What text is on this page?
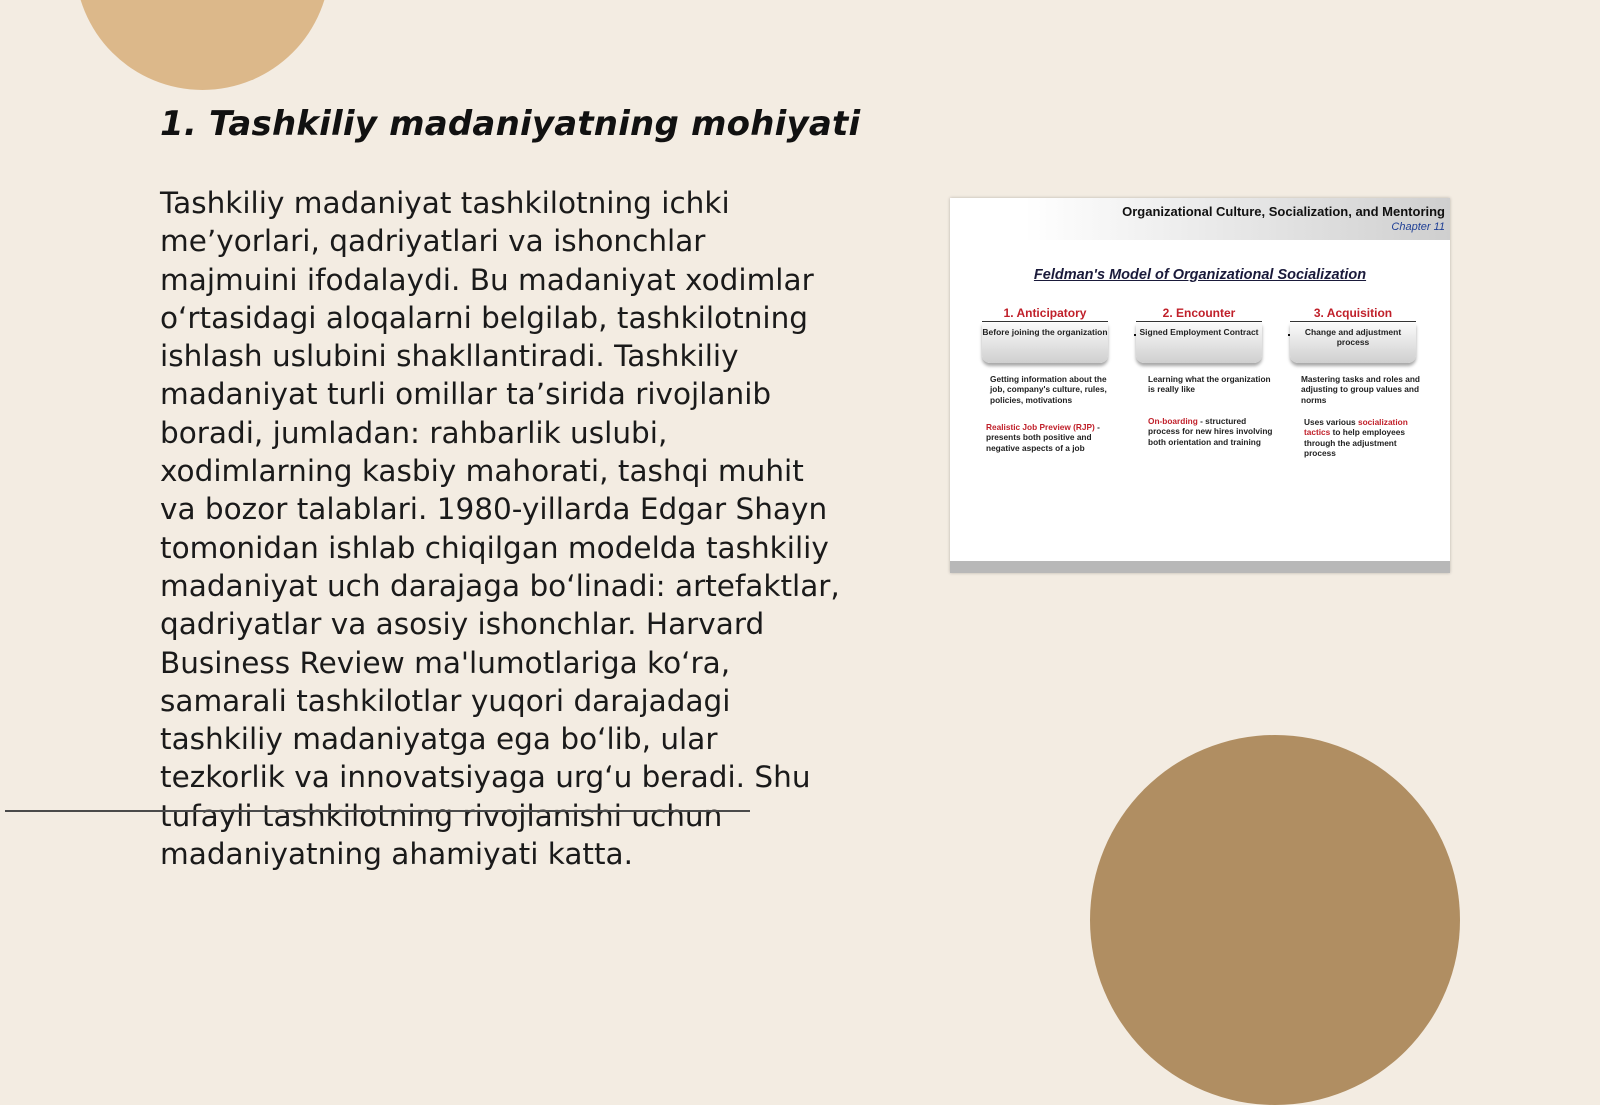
1. Tashkiliy madaniyatning mohiyati

Tashkiliy madaniyat tashkilotning ichki me’yorlari, qadriyatlari va ishonchlar majmuini ifodalaydi. Bu madaniyat xodimlar o‘rtasidagi aloqalarni belgilab, tashkilotning ishlash uslubini shakllantiradi. Tashkiliy madaniyat turli omillar ta’sirida rivojlanib boradi, jumladan: rahbarlik uslubi, xodimlarning kasbiy mahorati, tashqi muhit va bozor talablari. 1980-yillarda Edgar Shayn tomonidan ishlab chiqilgan modelda tashkiliy madaniyat uch darajaga bo‘linadi: artefaktlar, qadriyatlar va asosiy ishonchlar. Harvard Business Review ma'lumotlariga ko‘ra, samarali tashkilotlar yuqori darajadagi tashkiliy madaniyatga ega bo‘lib, ular tezkorlik va innovatsiyaga urg‘u beradi. Shu tufayli tashkilotning rivojlanishi uchun madaniyatning ahamiyati katta.

Organizational Culture, Socialization, and Mentoring
Chapter 11
Feldman's Model of Organizational Socialization
1. Anticipatory
Before joining the organization
2. Encounter
Signed Employment Contract
3. Acquisition
Change and adjustment process
Getting information about the job, company's culture, rules, policies, motivations
Learning what the organization is really like
Mastering tasks and roles and adjusting to group values and norms
Realistic Job Preview (RJP) - presents both positive and negative aspects of a job
On-boarding - structured process for new hires involving both orientation and training
Uses various socialization tactics to help employees through the adjustment process
